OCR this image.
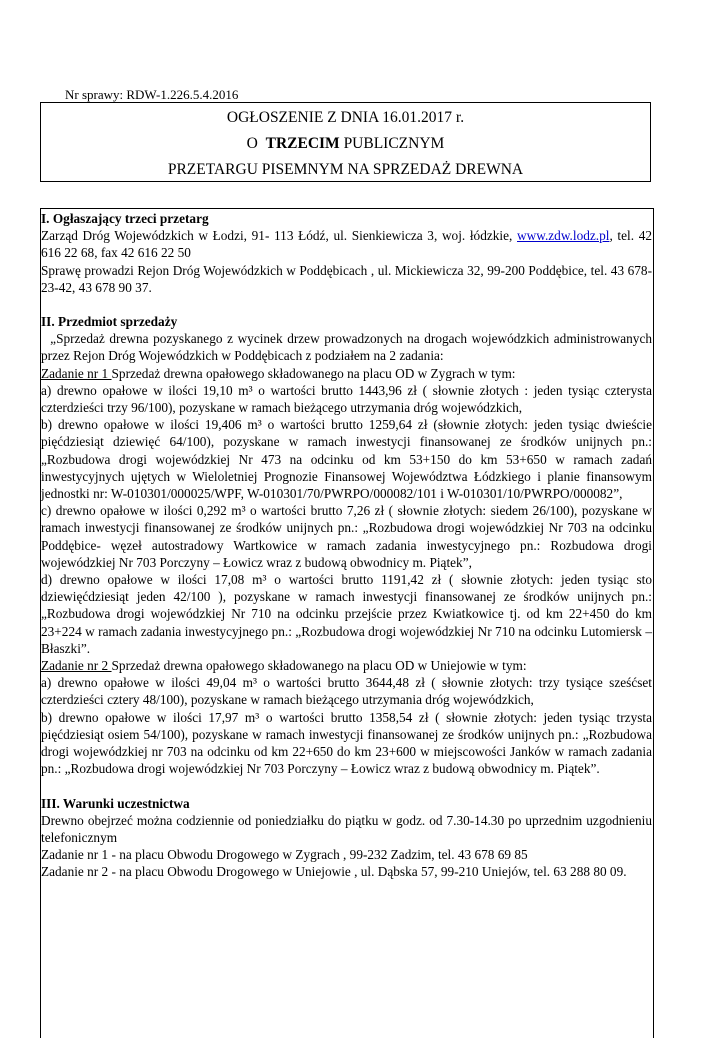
Nr sprawy: RDW-1.226.5.4.2016
OGŁOSZENIE Z DNIA 16.01.2017 r.
O  TRZECIM PUBLICZNYM
PRZETARGU PISEMNYM NA SPRZEDAŻ DREWNA

I. Ogłaszający trzeci przetarg

Zarząd Dróg Wojewódzkich w Łodzi, 91- 113 Łódź, ul. Sienkiewicza 3, woj. łódzkie, www.zdw.lodz.pl, tel. 42 616 22 68, fax 42 616 22 50

Sprawę prowadzi Rejon Dróg Wojewódzkich w Poddębicach , ul. Mickiewicza 32, 99-200 Poddębice, tel. 43 678-23-42, 43 678 90 37.

II. Przedmiot sprzedaży

„Sprzedaż drewna pozyskanego z wycinek drzew prowadzonych na drogach wojewódzkich administrowanych przez Rejon Dróg Wojewódzkich w Poddębicach z podziałem na 2 zadania:

Zadanie nr 1 Sprzedaż drewna opałowego składowanego na placu OD w Zygrach w tym:

a) drewno opałowe w ilości 19,10 m³ o wartości brutto 1443,96 zł ( słownie złotych : jeden tysiąc czterysta czterdzieści trzy 96/100), pozyskane w ramach bieżącego utrzymania dróg wojewódzkich,

b) drewno opałowe w ilości 19,406 m³ o wartości brutto 1259,64 zł (słownie złotych: jeden tysiąc dwieście pięćdziesiąt dziewięć 64/100), pozyskane w ramach inwestycji finansowanej ze środków unijnych pn.: „Rozbudowa drogi wojewódzkiej Nr 473 na odcinku od km 53+150 do km 53+650 w ramach zadań inwestycyjnych ujętych w Wieloletniej Prognozie Finansowej Województwa Łódzkiego i planie finansowym jednostki nr: W-010301/000025/WPF, W-010301/70/PWRPO/000082/101 i W-010301/10/PWRPO/000082”,

c) drewno opałowe w ilości 0,292 m³ o wartości brutto 7,26 zł ( słownie złotych: siedem 26/100), pozyskane w ramach inwestycji finansowanej ze środków unijnych pn.: „Rozbudowa drogi wojewódzkiej Nr 703 na odcinku Poddębice- węzeł autostradowy Wartkowice w ramach zadania inwestycyjnego pn.: Rozbudowa drogi wojewódzkiej Nr 703 Porczyny – Łowicz wraz z budową obwodnicy m. Piątek”,

d) drewno opałowe w ilości 17,08 m³ o wartości brutto 1191,42 zł ( słownie złotych: jeden tysiąc sto dziewięćdziesiąt jeden 42/100 ), pozyskane w ramach inwestycji finansowanej ze środków unijnych pn.: „Rozbudowa drogi wojewódzkiej Nr 710 na odcinku przejście przez Kwiatkowice tj. od km 22+450 do km 23+224 w ramach zadania inwestycyjnego pn.: „Rozbudowa drogi wojewódzkiej Nr 710 na odcinku Lutomiersk – Błaszki”.

Zadanie nr 2 Sprzedaż drewna opałowego składowanego na placu OD w Uniejowie w tym:

a) drewno opałowe w ilości 49,04 m³ o wartości brutto 3644,48 zł ( słownie złotych: trzy tysiące sześćset czterdzieści cztery 48/100), pozyskane w ramach bieżącego utrzymania dróg wojewódzkich,

b) drewno opałowe w ilości 17,97 m³ o wartości brutto 1358,54 zł ( słownie złotych: jeden tysiąc trzysta pięćdziesiąt osiem 54/100), pozyskane w ramach inwestycji finansowanej ze środków unijnych pn.: „Rozbudowa drogi wojewódzkiej nr 703 na odcinku od km 22+650 do km 23+600 w miejscowości Janków w ramach zadania pn.: „Rozbudowa drogi wojewódzkiej Nr 703 Porczyny – Łowicz wraz z budową obwodnicy m. Piątek”.

III. Warunki uczestnictwa

Drewno obejrzeć można codziennie od poniedziałku do piątku w godz. od 7.30-14.30 po uprzednim uzgodnieniu telefonicznym

Zadanie nr 1 - na placu Obwodu Drogowego w Zygrach , 99-232 Zadzim, tel. 43 678 69 85

Zadanie nr 2 - na placu Obwodu Drogowego w Uniejowie , ul. Dąbska 57, 99-210 Uniejów, tel. 63 288 80 09.
